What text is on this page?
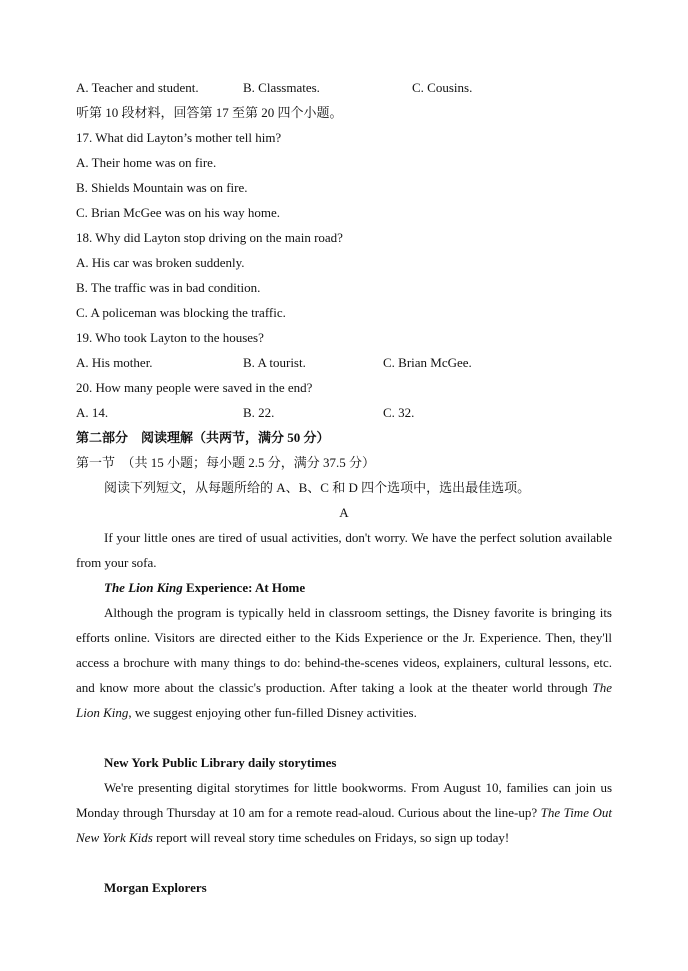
A. Teacher and student.	B. Classmates.	C. Cousins.
听第 10 段材料，回答第 17 至第 20 四个小题。
17. What did Layton’s mother tell him?
A. Their home was on fire.
B. Shields Mountain was on fire.
C. Brian McGee was on his way home.
18. Why did Layton stop driving on the main road?
A. His car was broken suddenly.
B. The traffic was in bad condition.
C. A policeman was blocking the traffic.
19. Who took Layton to the houses?
A. His mother.	B. A tourist.	C. Brian McGee.
20. How many people were saved in the end?
A. 14.	B. 22.	C. 32.
第二部分　阅读理解（共两节，满分 50 分）
第一节　（共 15 小题；每小题 2.5 分，满分 37.5 分）
阅读下列短文，从每题所给的 A、B、C 和 D 四个选项中，选出最佳选项。
A
If your little ones are tired of usual activities, don't worry. We have the perfect solution available from your sofa.
The Lion King Experience: At Home
Although the program is typically held in classroom settings, the Disney favorite is bringing its efforts online. Visitors are directed either to the Kids Experience or the Jr. Experience. Then, they'll access a brochure with many things to do: behind-the-scenes videos, explainers, cultural lessons, etc. and know more about the classic's production. After taking a look at the theater world through The Lion King, we suggest enjoying other fun-filled Disney activities.
New York Public Library daily storytimes
We're presenting digital storytimes for little bookworms. From August 10, families can join us Monday through Thursday at 10 am for a remote read-aloud. Curious about the line-up? The Time Out New York Kids report will reveal story time schedules on Fridays, so sign up today!
Morgan Explorers
